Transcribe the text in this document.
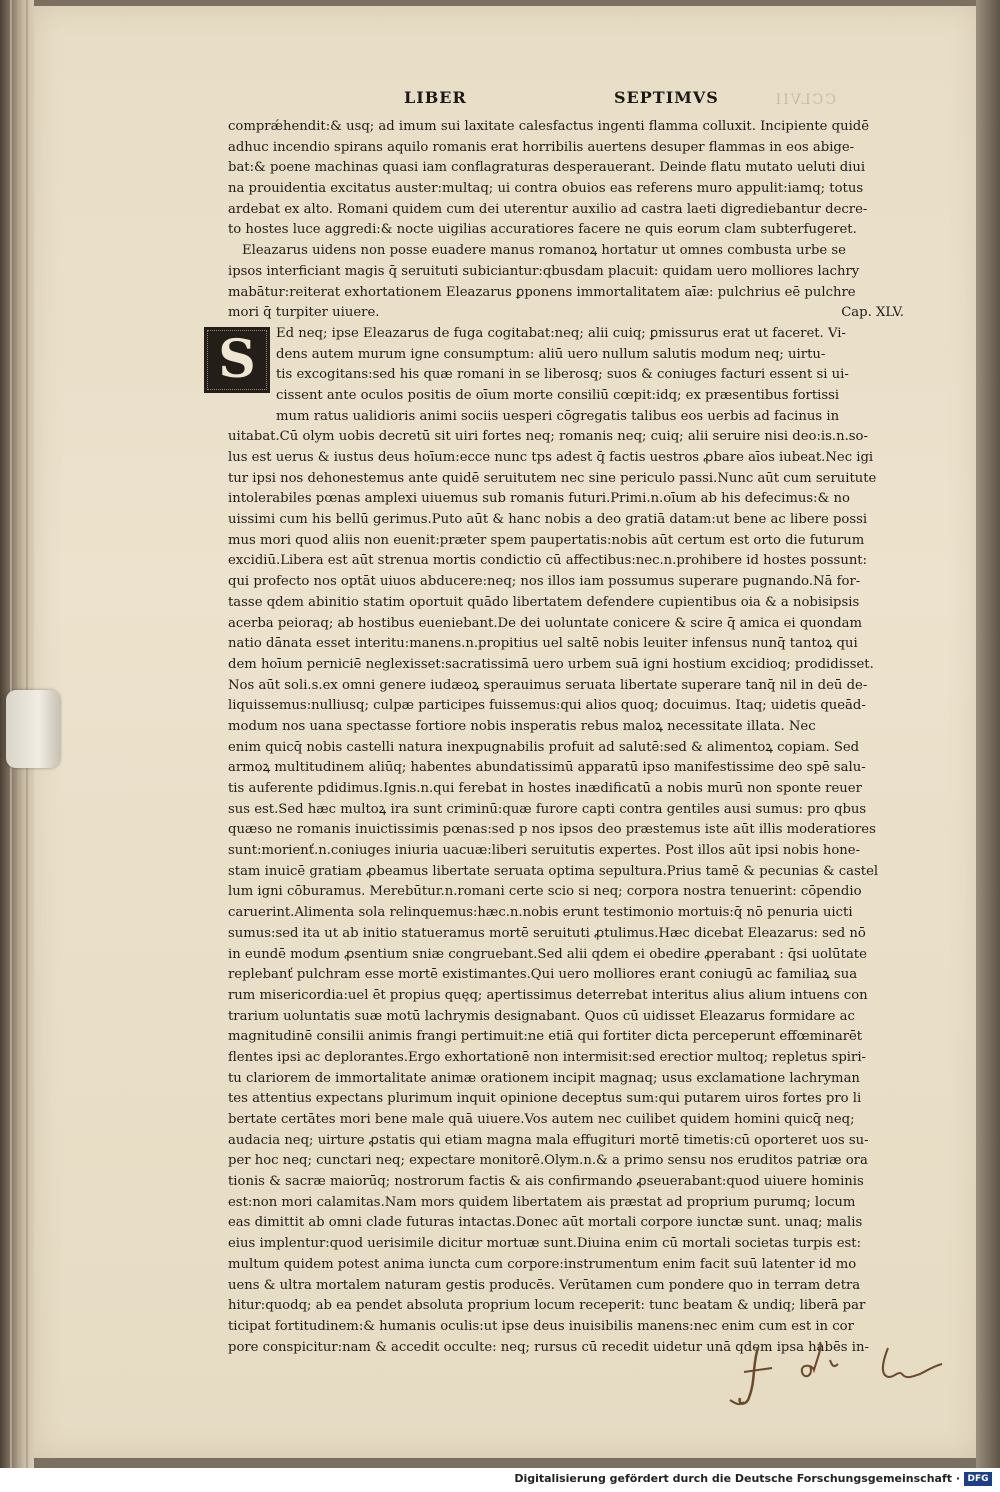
CCLVII
LIBER	SEPTIMVS
comprǽhendit:& usq; ad imum sui laxitate calesfactus ingenti flamma colluxit. Incipiente quidē
adhuc incendio spirans aquilo romanis erat horribilis auertens desuper flammas in eos abige-
bat:& poene machinas quasi iam conflagraturas desperauerant. Deinde flatu mutato ueluti diui
na prouidentia excitatus auster:multaq; ui contra obuios eas referens muro appulit:iamq; totus
ardebat ex alto. Romani quidem cum dei uterentur auxilio ad castra laeti digrediebantur decre-
to hostes luce aggredi:& nocte uigilias accuratiores facere ne quis eorum clam subterfugeret.
Eleazarus uidens non posse euadere manus romanoꝝ hortatur ut omnes combusta urbe se
ipsos interficiant magis q̄ seruituti subiciantur:qbusdam placuit: quidam uero molliores lachry
mabātur:reiterat exhortationem Eleazarus ꝑponens immortalitatem aīæ: pulchrius eē pulchre
mori q̄ turpiter uiuere.	Cap. XLV.
S	Ed neq; ipse Eleazarus de fuga cogitabat:neq; alii cuiq; ꝑmissurus erat ut faceret. Vi-
dens autem murum igne consumptum: aliū uero nullum salutis modum neq; uirtu-
tis excogitans:sed his quæ romani in se liberosq; suos & coniuges facturi essent si ui-
cissent ante oculos positis de oīum morte consiliū cœpit:idq; ex præsentibus fortissi
mum ratus ualidioris animi sociis uesperi cōgregatis talibus eos uerbis ad facinus in
uitabat.Cū olym uobis decretū sit uiri fortes neq; romanis neq; cuiq; alii seruire nisi deo:is.n.so-
lus est uerus & iustus deus hoīum:ecce nunc tps adest q̄ factis uestros ꝓbare aīos iubeat.Nec igi
tur ipsi nos dehonestemus ante quidē seruitutem nec sine periculo passi.Nunc aūt cum seruitute
intolerabiles pœnas amplexi uiuemus sub romanis futuri.Primi.n.oīum ab his defecimus:& no
uissimi cum his bellū gerimus.Puto aūt & hanc nobis a deo gratiā datam:ut bene ac libere possi
mus mori quod aliis non euenit:præter spem paupertatis:nobis aūt certum est orto die futurum
excidiū.Libera est aūt strenua mortis condictio cū affectibus:nec.n.prohibere id hostes possunt:
qui profecto nos optāt uiuos abducere:neq; nos illos iam possumus superare pugnando.Nā for-
tasse qdem abinitio statim oportuit quādo libertatem defendere cupientibus oia & a nobisipsis
acerba peioraq; ab hostibus eueniebant.De dei uoluntate conicere & scire q̄ amica ei quondam
natio dānata esset interitu:manens.n.propitius uel saltē nobis leuiter infensus nunq̄ tantoꝝ qui
dem hoīum perniciē neglexisset:sacratissimā uero urbem suā igni hostium excidioq; prodidisset.
Nos aūt soli.s.ex omni genere iudæoꝝ sperauimus seruata libertate superare tanq̄ nil in deū de-
liquissemus:nulliusq; culpæ participes fuissemus:qui alios quoq; docuimus. Itaq; uidetis queād-
modum nos uana spectasse fortiore nobis insperatis rebus maloꝝ necessitate illata. Nec
enim quicq̄ nobis castelli natura inexpugnabilis profuit ad salutē:sed & alimentoꝝ copiam. Sed
armoꝝ multitudinem aliūq; habentes abundatissimū apparatū ipso manifestissime deo spē salu-
tis auferente pdidimus.Ignis.n.qui ferebat in hostes inædificatū a nobis murū non sponte reuer
sus est.Sed hæc multoꝝ ira sunt criminū:quæ furore capti contra gentiles ausi sumus: pro qbus
quæso ne romanis inuictissimis pœnas:sed p nos ipsos deo præstemus iste aūt illis moderatiores
sunt:morienť.n.coniuges iniuria uacuæ:liberi seruitutis expertes. Post illos aūt ipsi nobis hone-
stam inuicē gratiam ꝓbeamus libertate seruata optima sepultura.Prius tamē & pecunias & castel
lum igni cōburamus. Merebūtur.n.romani certe scio si neq; corpora nostra tenuerint: cōpendio
caruerint.Alimenta sola relinquemus:hæc.n.nobis erunt testimonio mortuis:q̄ nō penuria uicti
sumus:sed ita ut ab initio statueramus mortē seruituti ꝓtulimus.Hæc dicebat Eleazarus: sed nō
in eundē modum ꝓsentium sniæ congruebant.Sed alii qdem ei obedire ꝓperabant : q̄si uolūtate
replebanť pulchram esse mortē existimantes.Qui uero molliores erant coniugū ac familiaꝝ sua
rum misericordia:uel ēt propius quęq; apertissimus deterrebat interitus alius alium intuens con
trarium uoluntatis suæ motū lachrymis designabant. Quos cū uidisset Eleazarus formidare ac
magnitudinē consilii animis frangi pertimuit:ne etiā qui fortiter dicta perceperunt effœminarēt
flentes ipsi ac deplorantes.Ergo exhortationē non intermisit:sed erectior multoq; repletus spiri-
tu clariorem de immortalitate animæ orationem incipit magnaq; usus exclamatione lachryman
tes attentius expectans plurimum inquit opinione deceptus sum:qui putarem uiros fortes pro li
bertate certātes mori bene male quā uiuere.Vos autem nec cuilibet quidem homini quicq̄ neq;
audacia neq; uirture ꝓstatis qui etiam magna mala effugituri mortē timetis:cū oporteret uos su-
per hoc neq; cunctari neq; expectare monitorē.Olym.n.& a primo sensu nos eruditos patriæ ora
tionis & sacræ maiorūq; nostrorum factis & ais confirmando ꝓseuerabant:quod uiuere hominis
est:non mori calamitas.Nam mors quidem libertatem ais præstat ad proprium purumq; locum
eas dimittit ab omni clade futuras intactas.Donec aūt mortali corpore iunctæ sunt. unaq; malis
eius implentur:quod uerisimile dicitur mortuæ sunt.Diuina enim cū mortali societas turpis est:
multum quidem potest anima iuncta cum corpore:instrumentum enim facit suū latenter id mo
uens & ultra mortalem naturam gestis producēs. Verūtamen cum pondere quo in terram detra
hitur:quodq; ab ea pendet absoluta proprium locum receperit: tunc beatam & undiq; liberā par
ticipat fortitudinem:& humanis oculis:ut ipse deus inuisibilis manens:nec enim cum est in cor
pore conspicitur:nam & accedit occulte: neq; rursus cū recedit uidetur unā qdem ipsa habēs in-
Digitalisierung gefördert durch die Deutsche Forschungsgemeinschaft · DFG
